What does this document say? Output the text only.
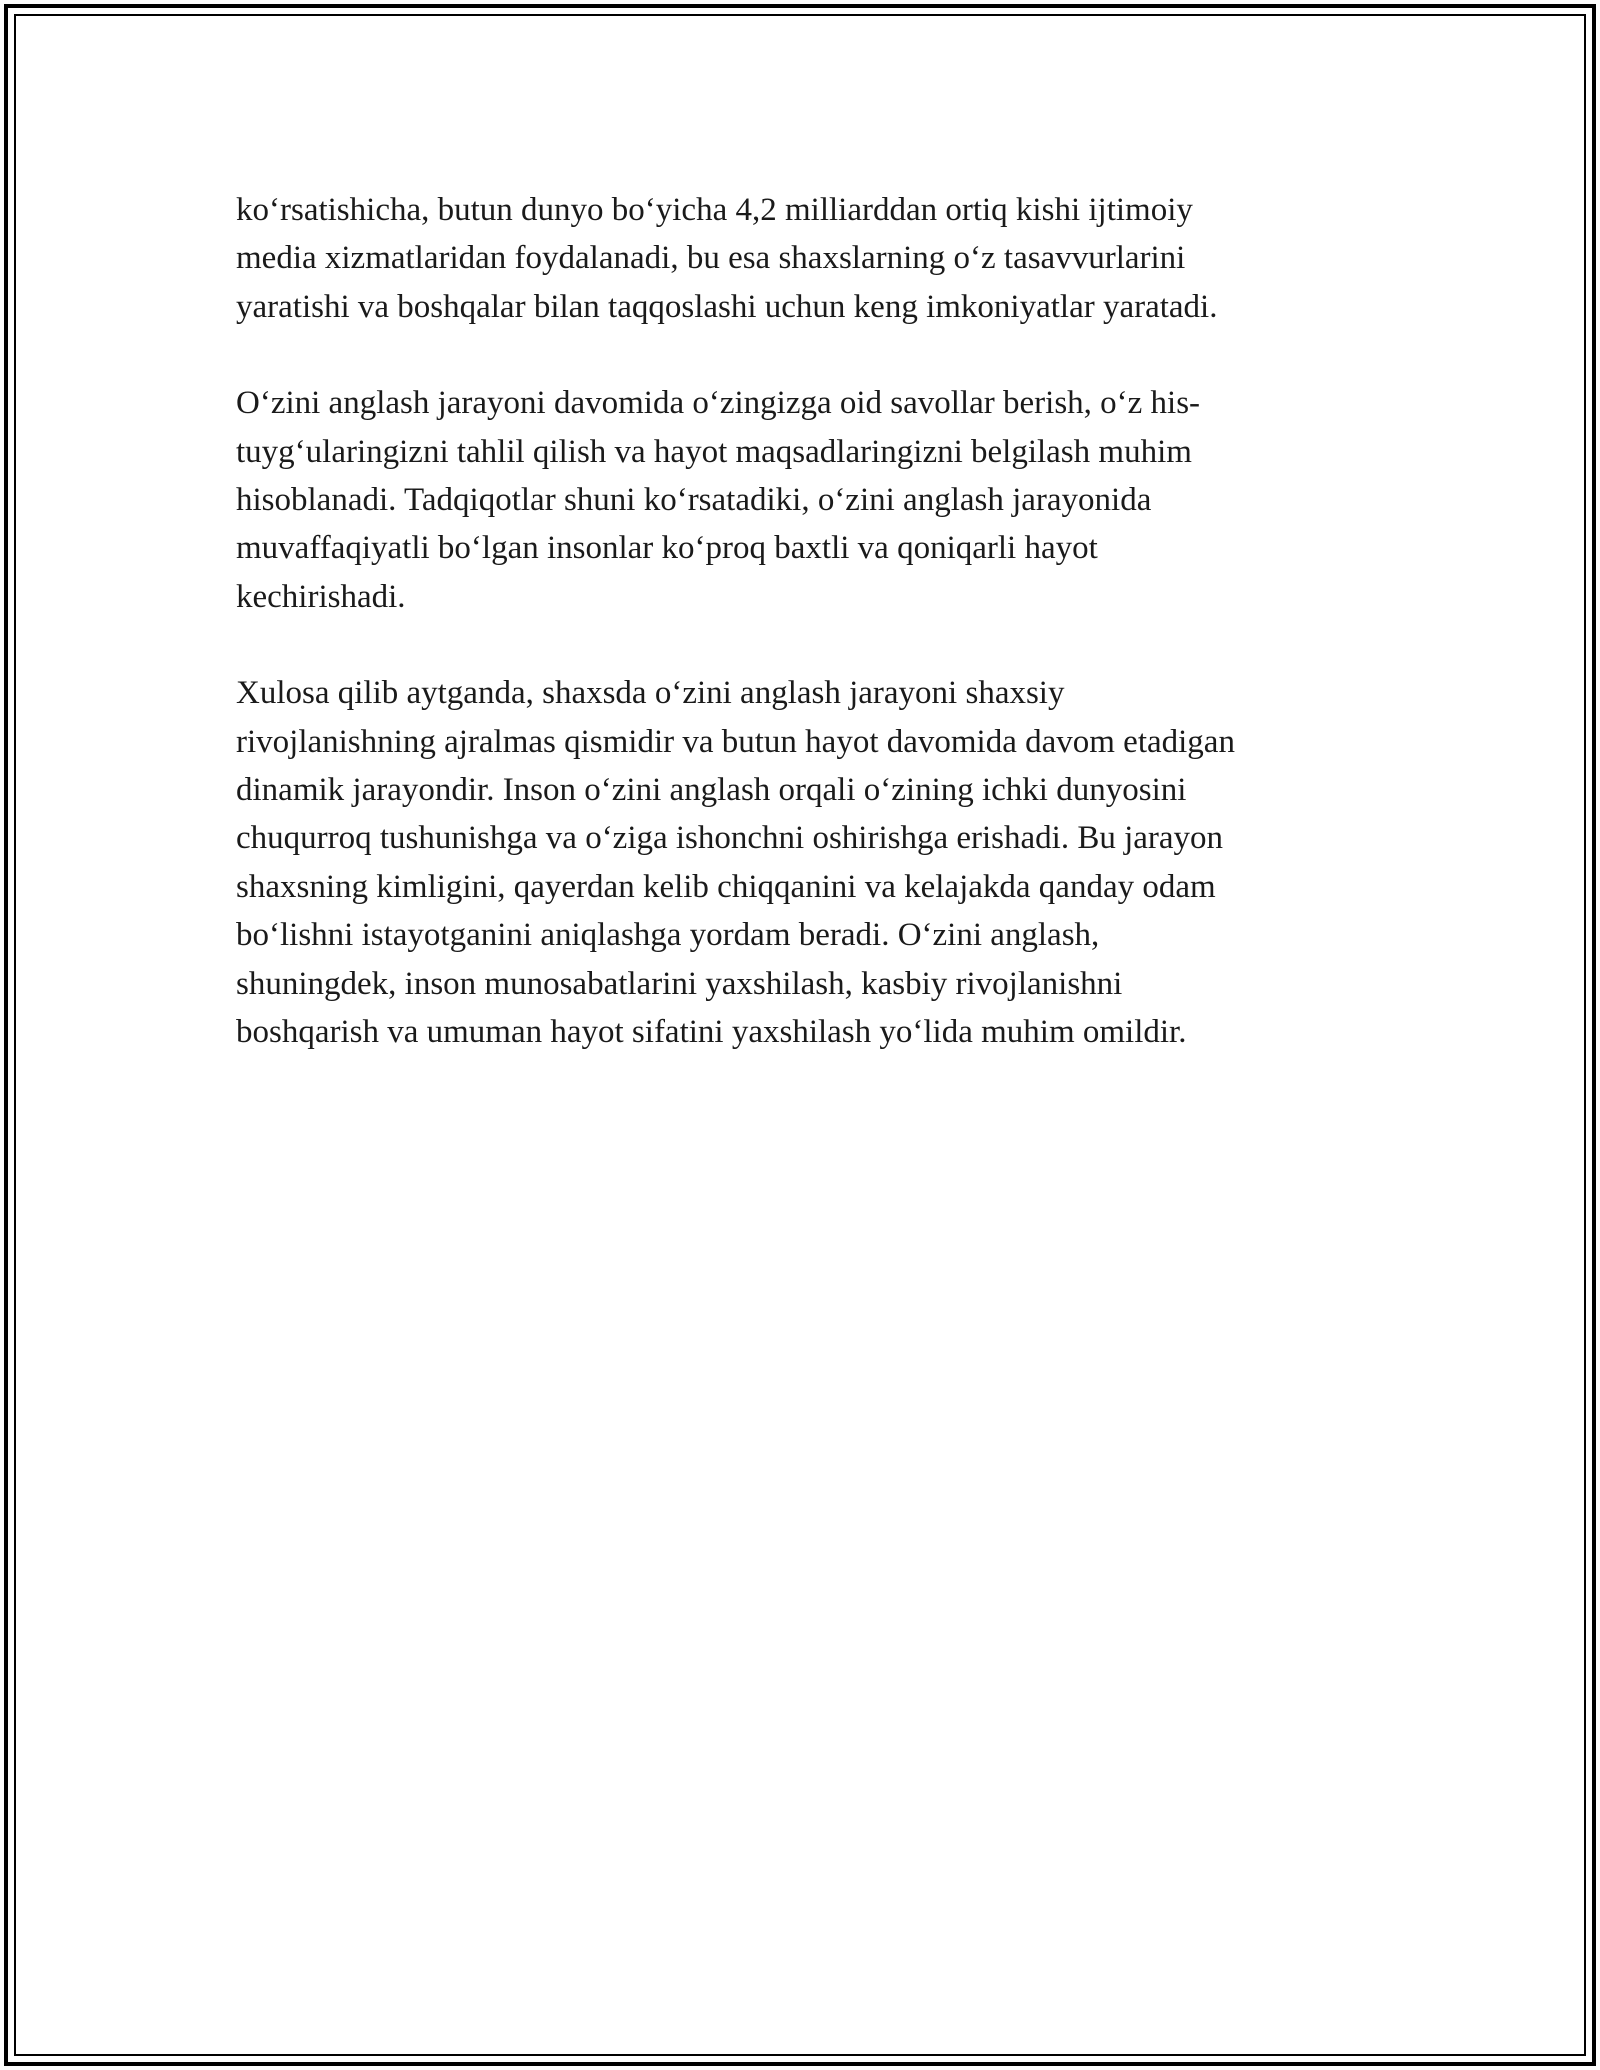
koʻrsatishicha, butun dunyo boʻyicha 4,2 milliarddan ortiq kishi ijtimoiy
media xizmatlaridan foydalanadi, bu esa shaxslarning oʻz tasavvurlarini
yaratishi va boshqalar bilan taqqoslashi uchun keng imkoniyatlar yaratadi.

Oʻzini anglash jarayoni davomida oʻzingizga oid savollar berish, oʻz his-
tuygʻularingizni tahlil qilish va hayot maqsadlaringizni belgilash muhim
hisoblanadi. Tadqiqotlar shuni koʻrsatadiki, oʻzini anglash jarayonida
muvaffaqiyatli boʻlgan insonlar koʻproq baxtli va qoniqarli hayot
kechirishadi.

Xulosa qilib aytganda, shaxsda oʻzini anglash jarayoni shaxsiy
rivojlanishning ajralmas qismidir va butun hayot davomida davom etadigan
dinamik jarayondir. Inson oʻzini anglash orqali oʻzining ichki dunyosini
chuqurroq tushunishga va oʻziga ishonchni oshirishga erishadi. Bu jarayon
shaxsning kimligini, qayerdan kelib chiqqanini va kelajakda qanday odam
boʻlishni istayotganini aniqlashga yordam beradi. Oʻzini anglash,
shuningdek, inson munosabatlarini yaxshilash, kasbiy rivojlanishni
boshqarish va umuman hayot sifatini yaxshilash yoʻlida muhim omildir.
